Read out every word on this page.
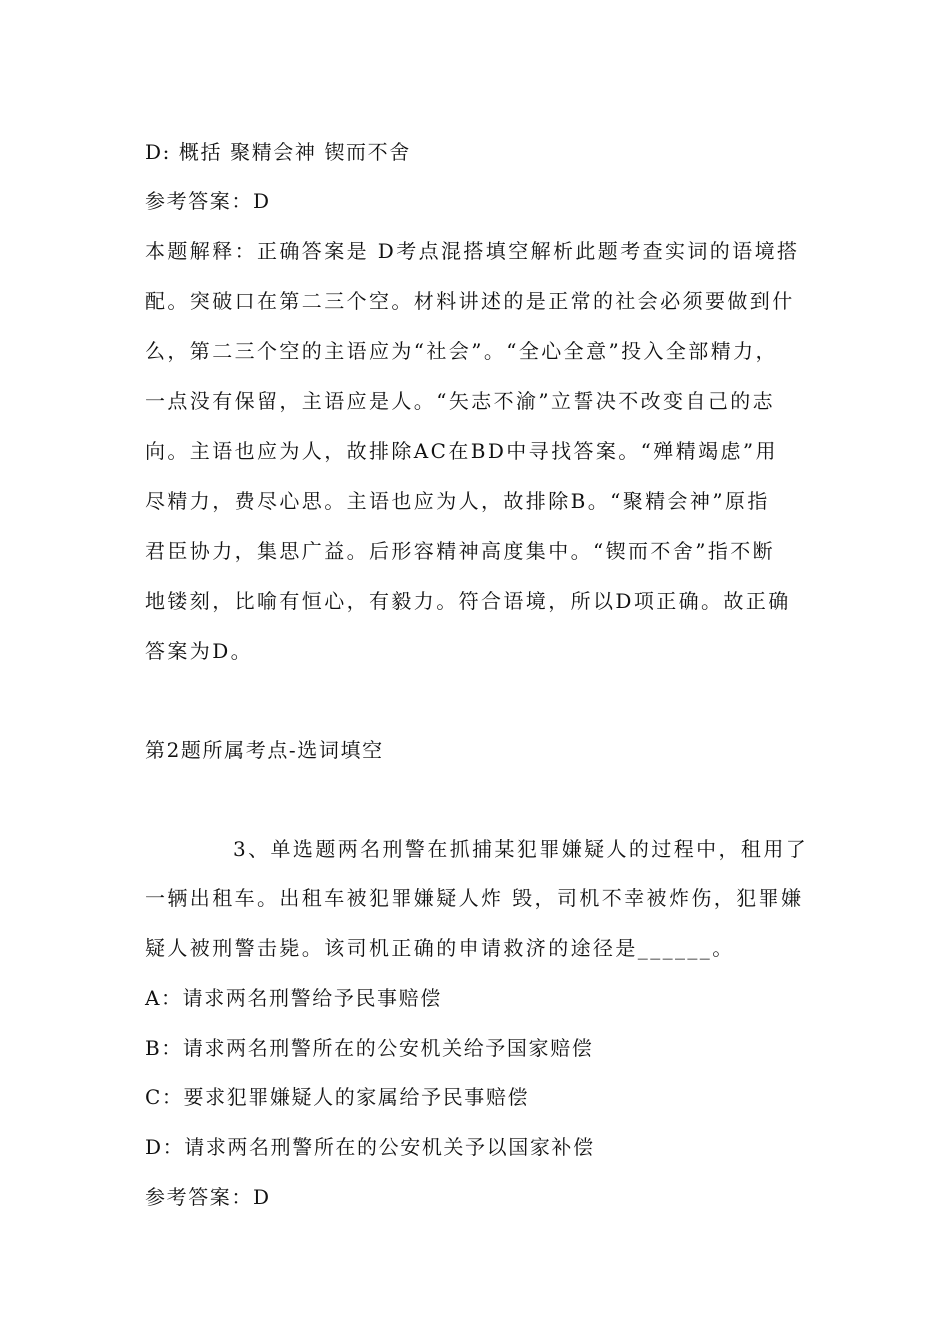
D: 概括 聚精会神 锲而不舍
参考答案：D
本题解释：正确答案是 D考点混搭填空解析此题考查实词的语境搭
配。突破口在第二三个空。材料讲述的是正常的社会必须要做到什
么，第二三个空的主语应为“社会”。“全心全意”投入全部精力，
一点没有保留，主语应是人。“矢志不渝”立誓决不改变自己的志
向。主语也应为人，故排除AC在BD中寻找答案。“殚精竭虑”用
尽精力，费尽心思。主语也应为人，故排除B。“聚精会神”原指
君臣协力，集思广益。后形容精神高度集中。“锲而不舍”指不断
地镂刻，比喻有恒心，有毅力。符合语境，所以D项正确。故正确
答案为D。
第2题所属考点-选词填空
3、单选题两名刑警在抓捕某犯罪嫌疑人的过程中，租用了
一辆出租车。出租车被犯罪嫌疑人炸 毁，司机不幸被炸伤，犯罪嫌
疑人被刑警击毙。该司机正确的申请救济的途径是______。
A：请求两名刑警给予民事赔偿
B：请求两名刑警所在的公安机关给予国家赔偿
C：要求犯罪嫌疑人的家属给予民事赔偿
D：请求两名刑警所在的公安机关予以国家补偿
参考答案：D
